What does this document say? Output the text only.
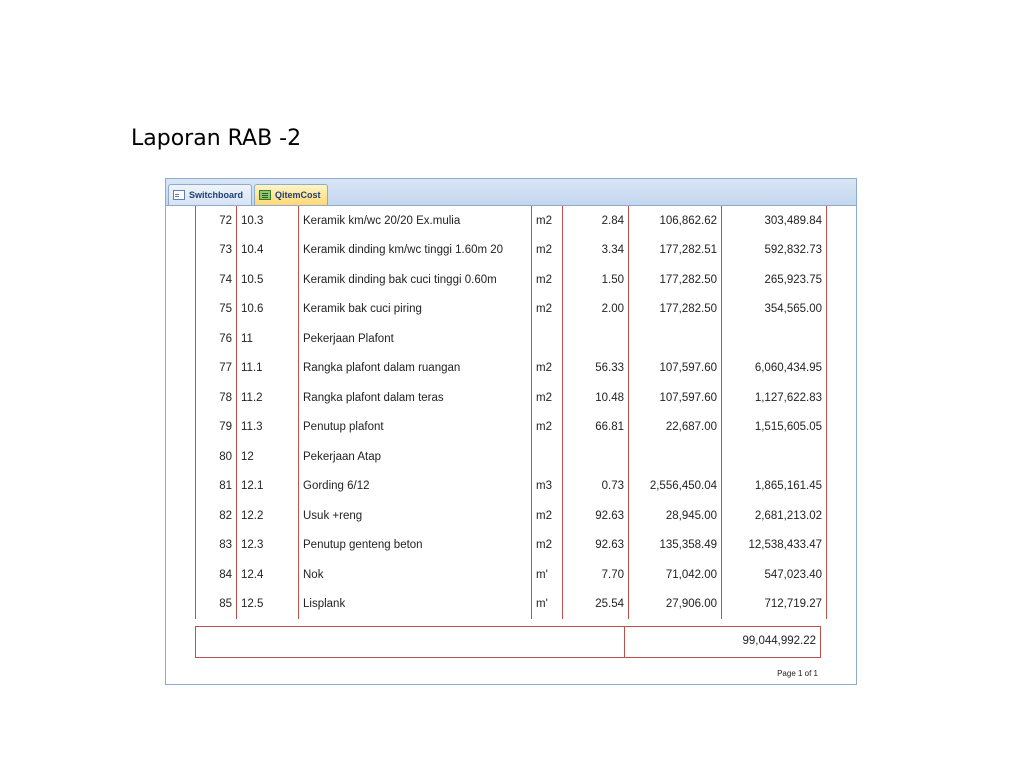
Laporan RAB -2
Switchboard	QitemCost
72	10.3	Keramik km/wc 20/20 Ex.mulia	m2	2.84	106,862.62	303,489.84
73	10.4	Keramik dinding km/wc tinggi 1.60m 20	m2	3.34	177,282.51	592,832.73
74	10.5	Keramik dinding bak cuci tinggi 0.60m	m2	1.50	177,282.50	265,923.75
75	10.6	Keramik bak cuci piring	m2	2.00	177,282.50	354,565.00
76	11	Pekerjaan Plafont				
77	11.1	Rangka plafont dalam ruangan	m2	56.33	107,597.60	6,060,434.95
78	11.2	Rangka plafont dalam teras	m2	10.48	107,597.60	1,127,622.83
79	11.3	Penutup plafont	m2	66.81	22,687.00	1,515,605.05
80	12	Pekerjaan Atap				
81	12.1	Gording 6/12	m3	0.73	2,556,450.04	1,865,161.45
82	12.2	Usuk +reng	m2	92.63	28,945.00	2,681,213.02
83	12.3	Penutup genteng beton	m2	92.63	135,358.49	12,538,433.47
84	12.4	Nok	m'	7.70	71,042.00	547,023.40
85	12.5	Lisplank	m'	25.54	27,906.00	712,719.27
99,044,992.22
Page 1 of 1
